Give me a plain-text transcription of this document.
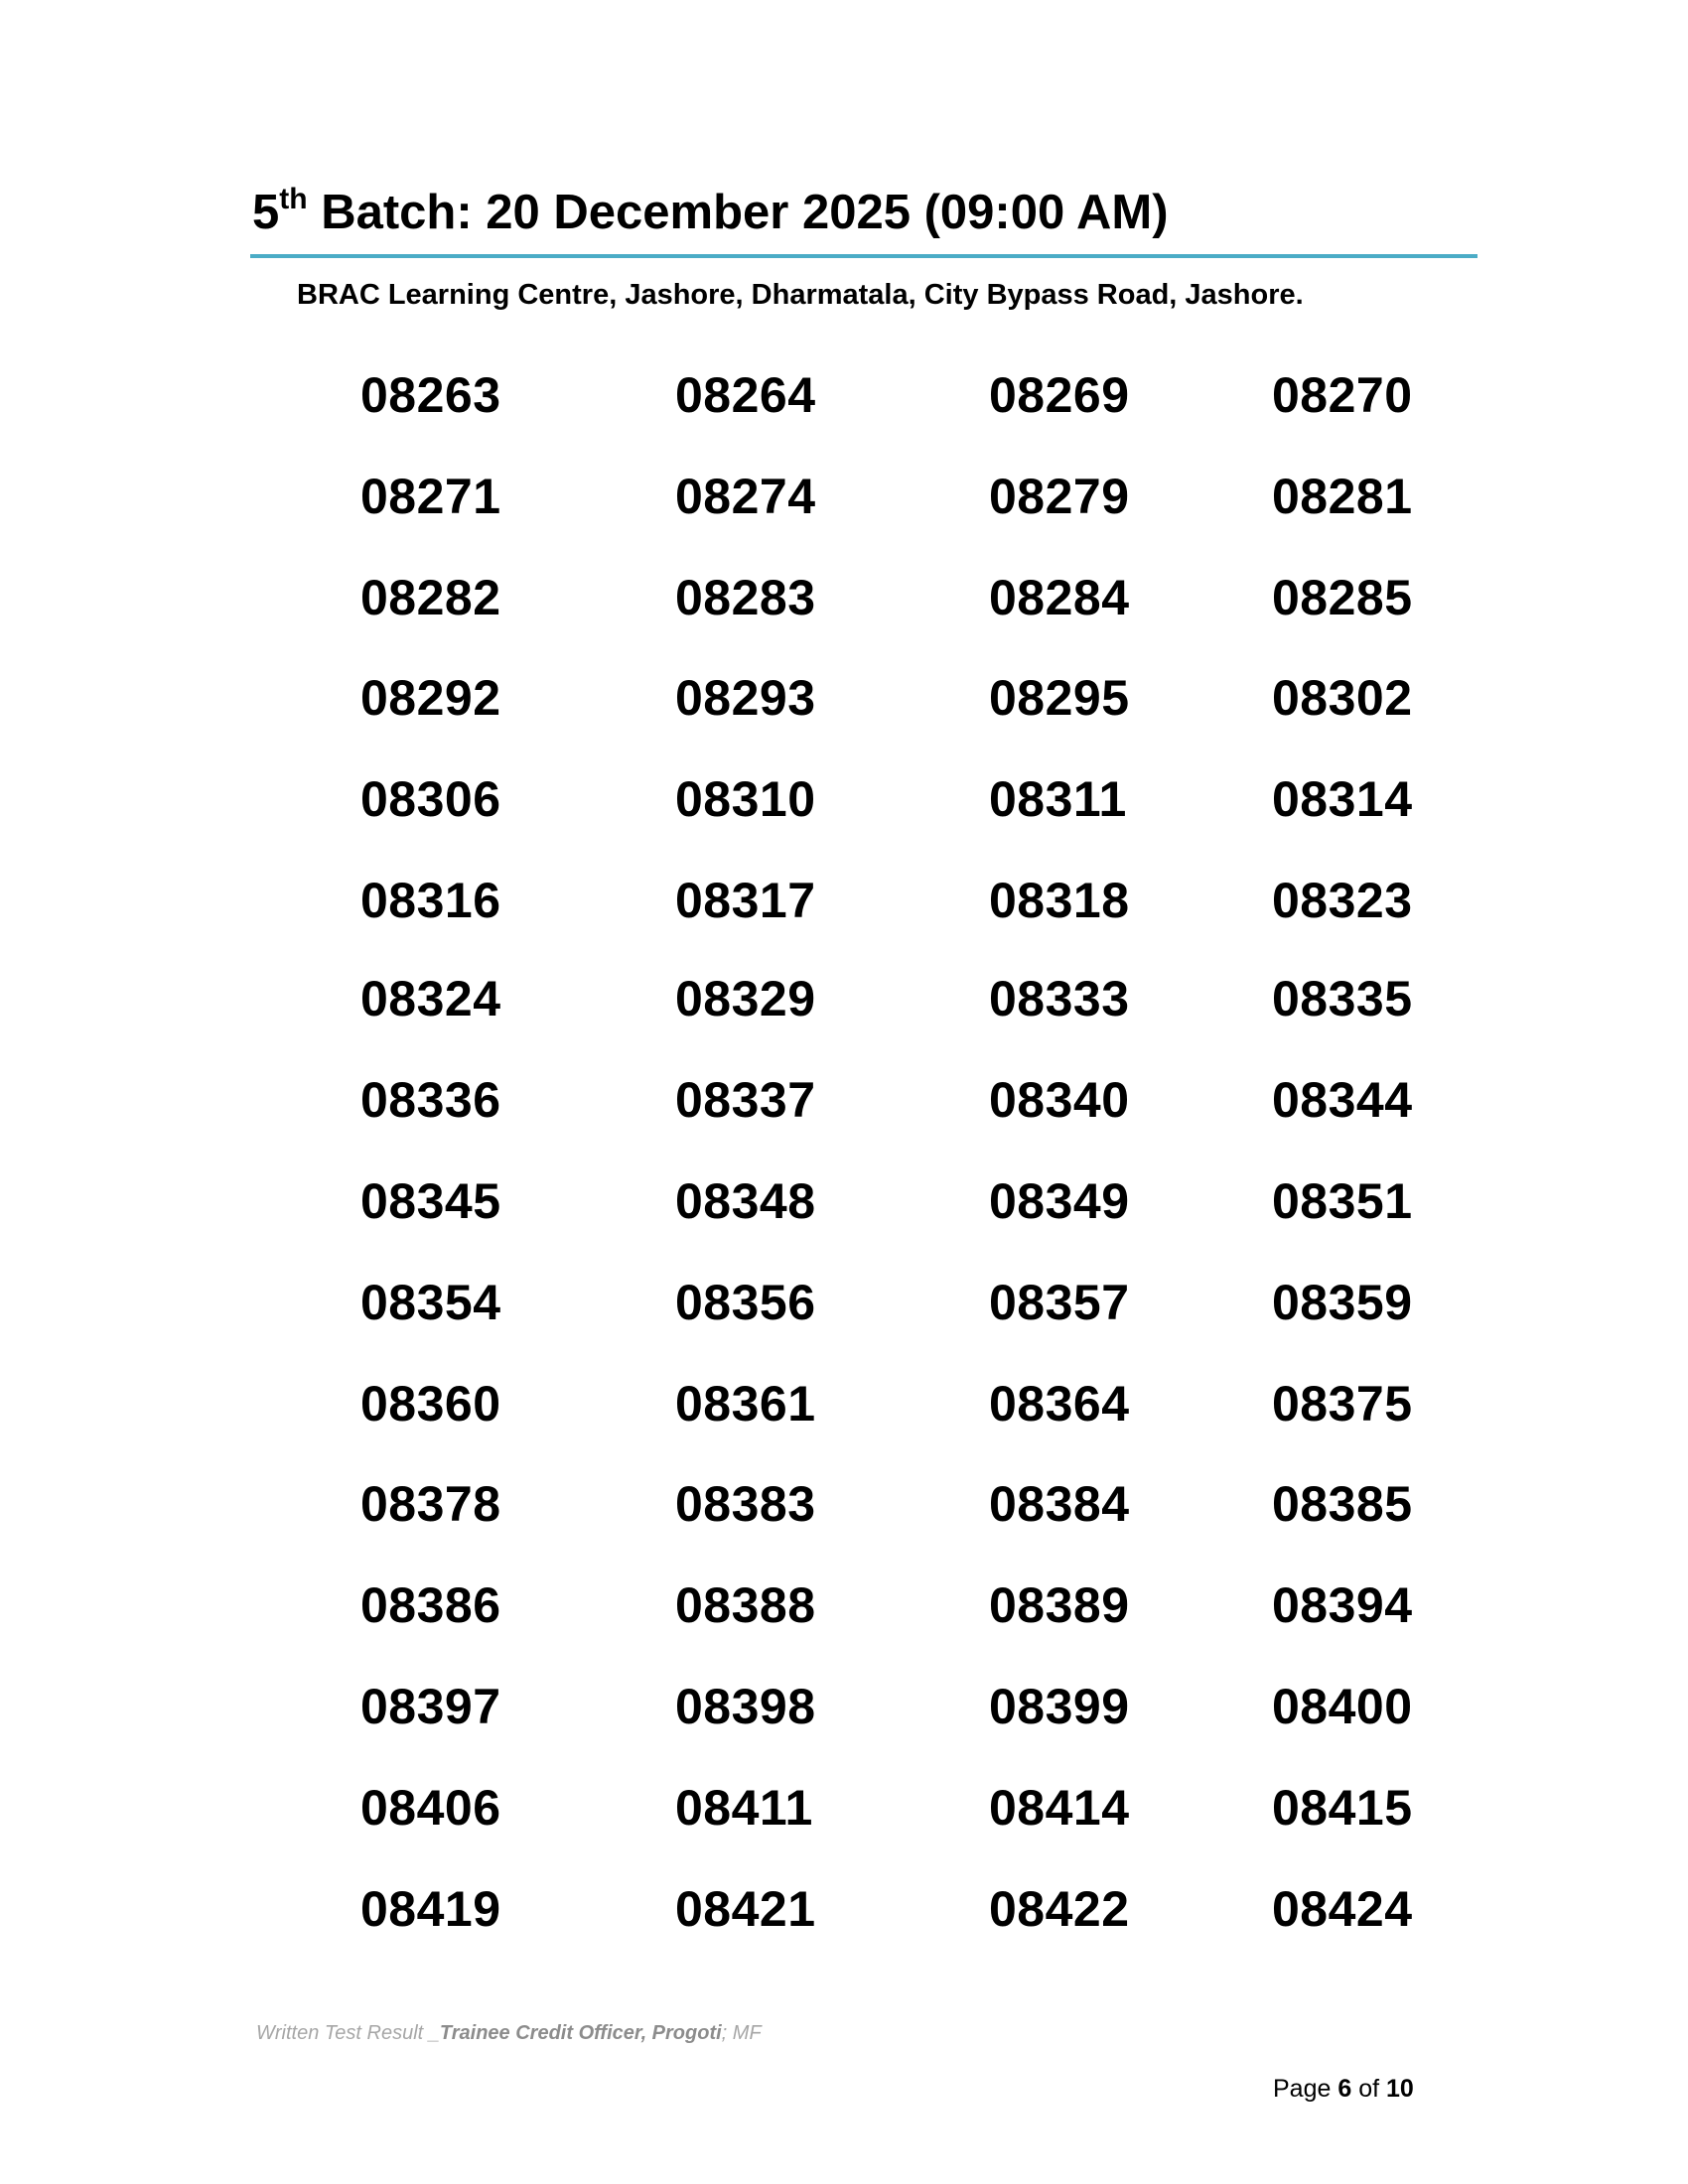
5th Batch: 20 December 2025 (09:00 AM)
BRAC Learning Centre, Jashore, Dharmatala, City Bypass Road, Jashore.
08263	08264	08269	08270
08271	08274	08279	08281
08282	08283	08284	08285
08292	08293	08295	08302
08306	08310	08311	08314
08316	08317	08318	08323
08324	08329	08333	08335
08336	08337	08340	08344
08345	08348	08349	08351
08354	08356	08357	08359
08360	08361	08364	08375
08378	08383	08384	08385
08386	08388	08389	08394
08397	08398	08399	08400
08406	08411	08414	08415
08419	08421	08422	08424
Written Test Result _Trainee Credit Officer, Progoti; MF
Page 6 of 10
